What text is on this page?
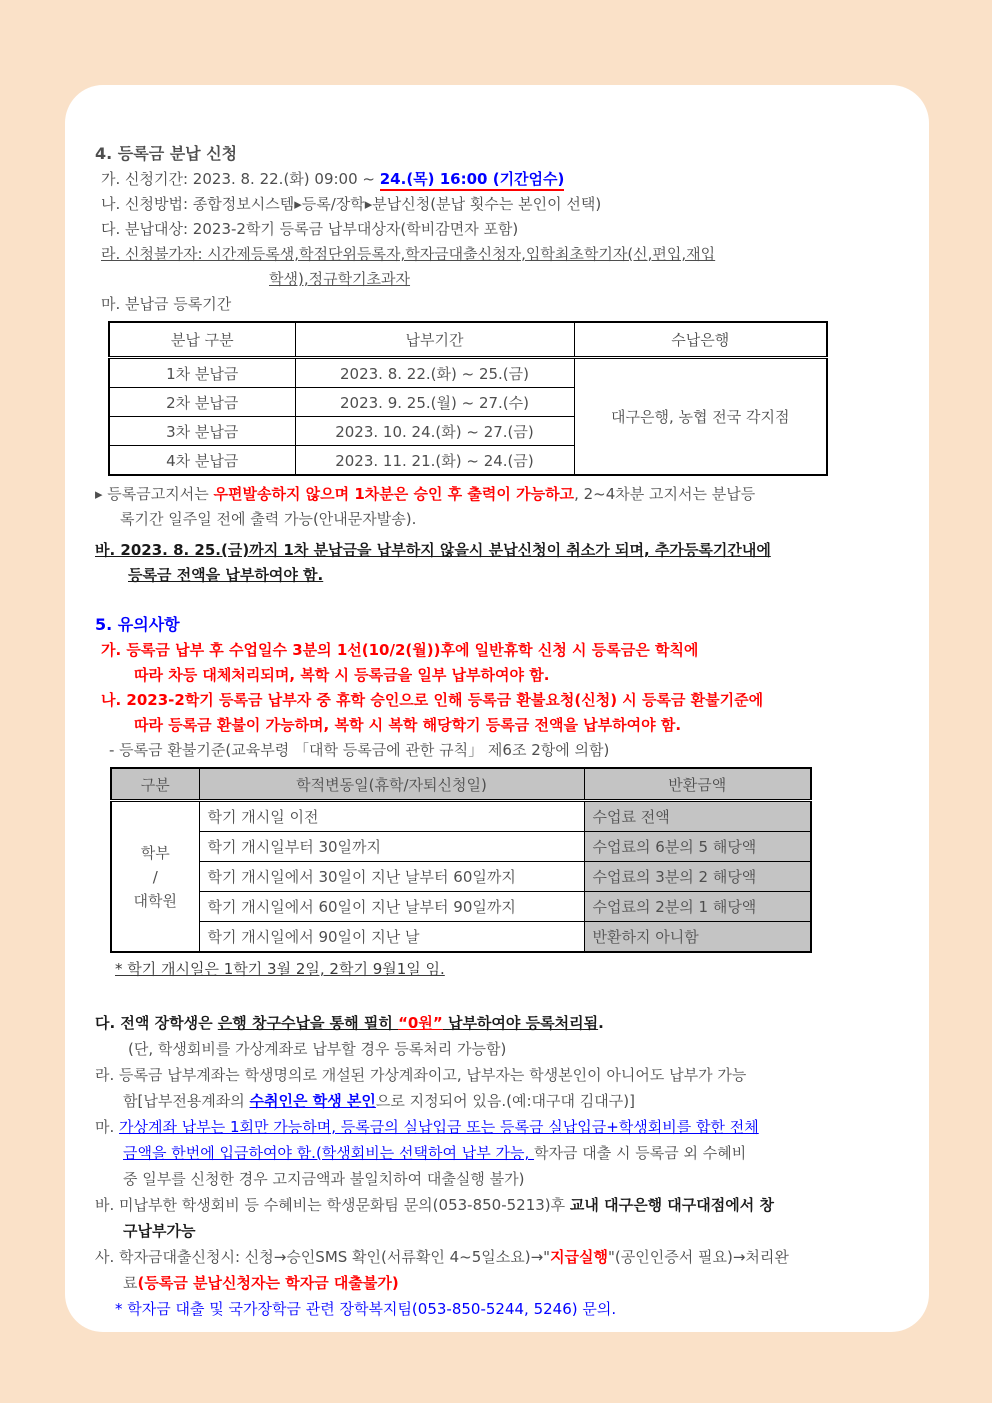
4. 등록금 분납 신청
가. 신청기간: 2023. 8. 22.(화) 09:00 ~ 24.(목) 16:00 (기간엄수)
나. 신청방법: 종합정보시스템▸등록/장학▸분납신청(분납 횟수는 본인이 선택)
다. 분납대상: 2023-2학기 등록금 납부대상자(학비감면자 포함)
라. 신청불가자: 시간제등록생,학점단위등록자,학자금대출신청자,입학최초학기자(신,편입,재입
학생),정규학기초과자
마. 분납금 등록기간
분납 구분	납부기간	수납은행
1차 분납금	2023. 8. 22.(화) ~ 25.(금)	대구은행, 농협 전국 각지점
2차 분납금	2023. 9. 25.(월) ~ 27.(수)	
3차 분납금	2023. 10. 24.(화) ~ 27.(금)	
4차 분납금	2023. 11. 21.(화) ~ 24.(금)	
▸ 등록금고지서는 우편발송하지 않으며 1차분은 승인 후 출력이 가능하고, 2~4차분 고지서는 분납등
록기간 일주일 전에 출력 가능(안내문자발송).
바. 2023. 8. 25.(금)까지 1차 분납금을 납부하지 않을시 분납신청이 취소가 되며, 추가등록기간내에
등록금 전액을 납부하여야 함.
5. 유의사항
가. 등록금 납부 후 수업일수 3분의 1선(10/2(월))후에 일반휴학 신청 시 등록금은 학칙에
따라 차등 대체처리되며, 복학 시 등록금을 일부 납부하여야 함.
나. 2023-2학기 등록금 납부자 중 휴학 승인으로 인해 등록금 환불요청(신청) 시 등록금 환불기준에
따라 등록금 환불이 가능하며, 복학 시 복학 해당학기 등록금 전액을 납부하여야 함.
- 등록금 환불기준(교육부령 「대학 등록금에 관한 규칙」 제6조 2항에 의함)
구분	학적변동일(휴학/자퇴신청일)	반환금액

학부
/
대학원	학기 개시일 이전	수업료 전액
	학기 개시일부터 30일까지	수업료의 6분의 5 해당액
	학기 개시일에서 30일이 지난 날부터 60일까지	수업료의 3분의 2 해당액
	학기 개시일에서 60일이 지난 날부터 90일까지	수업료의 2분의 1 해당액
	학기 개시일에서 90일이 지난 날	반환하지 아니함
* 학기 개시일은 1학기 3월 2일, 2학기 9월1일 임.
다. 전액 장학생은 은행 창구수납을 통해 필히 “0원” 납부하여야 등록처리됨.
(단, 학생회비를 가상계좌로 납부할 경우 등록처리 가능함)
라. 등록금 납부계좌는 학생명의로 개설된 가상계좌이고, 납부자는 학생본인이 아니어도 납부가 가능
함[납부전용계좌의 수취인은 학생 본인으로 지정되어 있음.(예:대구대 김대구)]
마. 가상계좌 납부는 1회만 가능하며, 등록금의 실납입금 또는 등록금 실납입금+학생회비를 합한 전체
금액을 한번에 입금하여야 함.(학생회비는 선택하여 납부 가능, 학자금 대출 시 등록금 외 수혜비
중 일부를 신청한 경우 고지금액과 불일치하여 대출실행 불가)
바. 미납부한 학생회비 등 수혜비는 학생문화팀 문의(053-850-5213)후 교내 대구은행 대구대점에서 창
구납부가능
사. 학자금대출신청시: 신청→승인SMS 확인(서류확인 4~5일소요)→"지급실행"(공인인증서 필요)→처리완
료(등록금 분납신청자는 학자금 대출불가)
* 학자금 대출 및 국가장학금 관련 장학복지팀(053-850-5244, 5246) 문의.
